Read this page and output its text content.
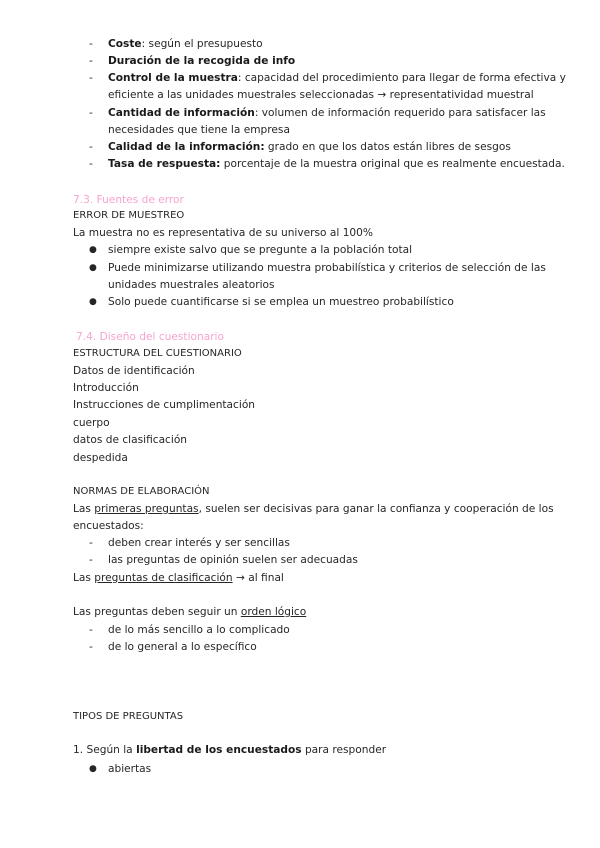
- Coste: según el presupuesto
- Duración de la recogida de info
- Control de la muestra: capacidad del procedimiento para llegar de forma efectiva y
eficiente a las unidades muestrales seleccionadas → representatividad muestral
- Cantidad de información: volumen de información requerido para satisfacer las
necesidades que tiene la empresa
- Calidad de la información: grado en que los datos están libres de sesgos
- Tasa de respuesta: porcentaje de la muestra original que es realmente encuestada.
7.3. Fuentes de error
ERROR DE MUESTREO
La muestra no es representativa de su universo al 100%
● siempre existe salvo que se pregunte a la población total
● Puede minimizarse utilizando muestra probabilística y criterios de selección de las
unidades muestrales aleatorios
● Solo puede cuantificarse si se emplea un muestreo probabilístico
7.4. Diseño del cuestionario
ESTRUCTURA DEL CUESTIONARIO
Datos de identificación
Introducción
Instrucciones de cumplimentación
cuerpo
datos de clasificación
despedida
NORMAS DE ELABORACIÓN
Las primeras preguntas, suelen ser decisivas para ganar la confianza y cooperación de los
encuestados:
- deben crear interés y ser sencillas
- las preguntas de opinión suelen ser adecuadas
Las preguntas de clasificación → al final
Las preguntas deben seguir un orden lógico
- de lo más sencillo a lo complicado
- de lo general a lo específico
TIPOS DE PREGUNTAS
1. Según la libertad de los encuestados para responder
● abiertas
